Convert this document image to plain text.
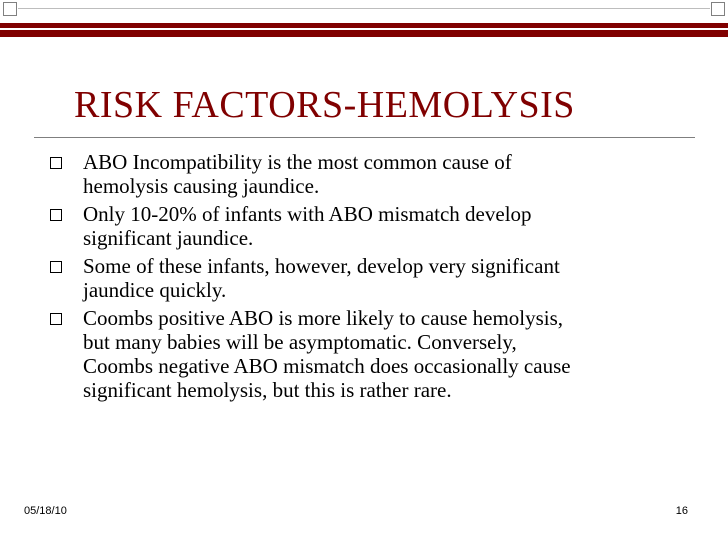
RISK FACTORS-HEMOLYSIS
ABO Incompatibility is the most common cause of
hemolysis causing jaundice.
Only 10-20% of infants with ABO mismatch develop
significant jaundice.
Some of these infants, however, develop very significant
jaundice quickly.
Coombs positive ABO is more likely to cause hemolysis,
but many babies will be asymptomatic. Conversely,
Coombs negative ABO mismatch does occasionally cause
significant hemolysis, but this is rather rare.
05/18/10	16
